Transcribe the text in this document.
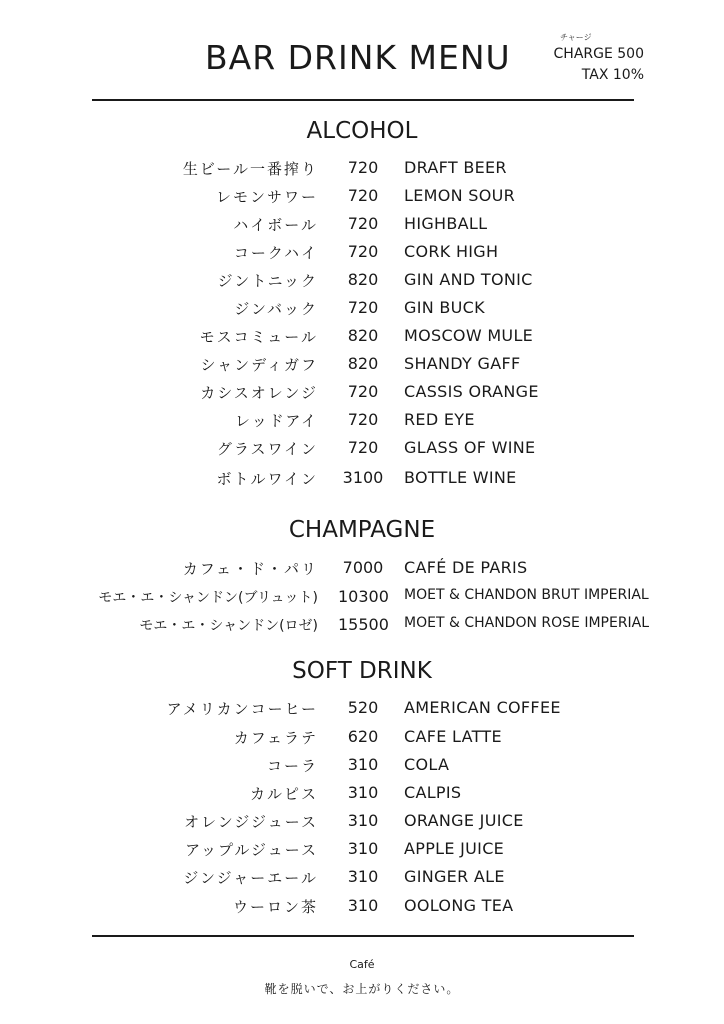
BAR DRINK MENU
チャージ
CHARGE 500
TAX 10%
ALCOHOL
生ビール一番搾り	720	DRAFT BEER
レモンサワー	720	LEMON SOUR
ハイボール	720	HIGHBALL
コークハイ	720	CORK HIGH
ジントニック	820	GIN AND TONIC
ジンバック	720	GIN BUCK
モスコミュール	820	MOSCOW MULE
シャンディガフ	820	SHANDY GAFF
カシスオレンジ	720	CASSIS ORANGE
レッドアイ	720	RED EYE
グラスワイン	720	GLASS OF WINE
ボトルワイン 3100 BOTTLE WINE
CHAMPAGNE
カフェ・ド・パリ 7000 CAFÉ DE PARIS
モエ・エ・シャンドン(ブリュット) 10300 MOET & CHANDON BRUT IMPERIAL
モエ・エ・シャンドン(ロゼ) 15500 MOET & CHANDON ROSE IMPERIAL
SOFT DRINK
アメリカンコーヒー	520	AMERICAN COFFEE
カフェラテ	620	CAFE LATTE
コーラ	310	COLA
カルピス	310	CALPIS
オレンジジュース	310	ORANGE JUICE
アップルジュース	310	APPLE JUICE
ジンジャーエール	310	GINGER ALE
ウーロン茶	310	OOLONG TEA
Café
靴を脱いで、お上がりください。
